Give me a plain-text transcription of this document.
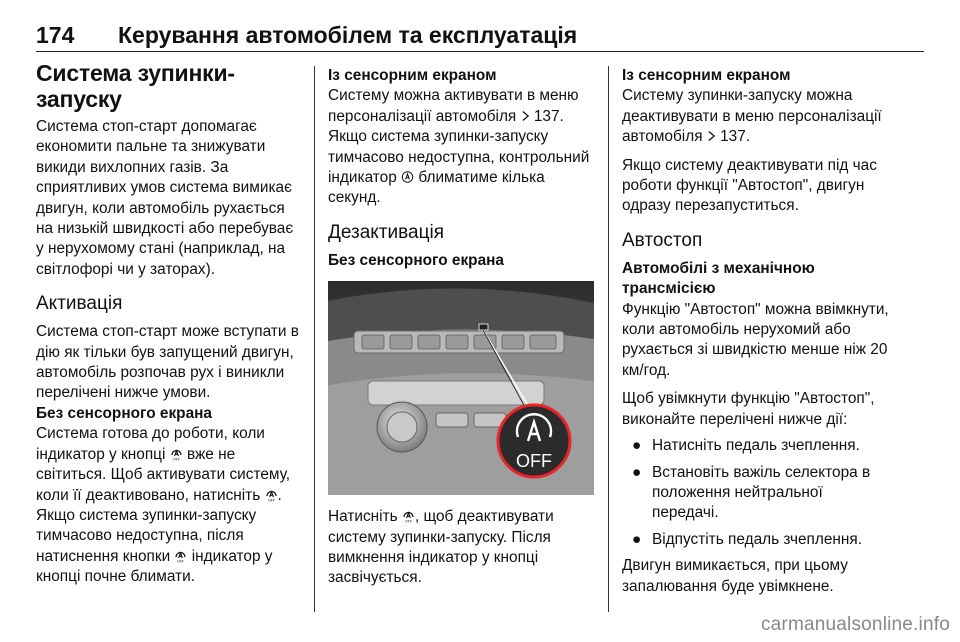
174 Керування автомобілем та експлуатація
Система зупинки-запуску

Система стоп-старт допомагає економити пальне та знижувати викиди вихлопних газів. За сприятливих умов система вимикає двигун, коли автомобіль рухається на низькій швидкості або перебуває у нерухомому стані (наприклад, на світлофорі чи у заторах).

Активація

Система стоп-старт може вступати в дію як тільки був запущений двигун, автомобіль розпочав рух і виникли перелічені нижче умови.

Без сенсорного екрана

Система готова до роботи, коли індикатор у кнопці вже не світиться. Щоб активувати систему, коли її деактивовано, натисніть . Якщо система зупинки-запуску тимчасово недоступна, після натиснення кнопки індикатор у кнопці почне блимати.

Із сенсорним екраном

Систему можна активувати в меню персоналізації автомобіля 137. Якщо система зупинки-запуску тимчасово недоступна, контрольний індикатор блиматиме кілька секунд.

Дезактивація
Без сенсорного екрана
OFF

Натисніть , щоб деактивувати систему зупинки-запуску. Після вимкнення індикатор у кнопці засвічується.

Із сенсорним екраном

Систему зупинки-запуску можна деактивувати в меню персоналізації автомобіля 137.

Якщо систему деактивувати під час роботи функції "Автостоп", двигун одразу перезапуститься.

Автостоп
Автомобілі з механічною трансмісією

Функцію "Автостоп" можна ввімкнути, коли автомобіль нерухомий або рухається зі швидкістю менше ніж 20 км/год.

Щоб увімкнути функцію "Автостоп", виконайте перелічені нижче дії:

● Натисніть педаль зчеплення.
● Встановіть важіль селектора в положення нейтральної передачі.
● Відпустіть педаль зчеплення.

Двигун вимикається, при цьому запалювання буде увімкнене.

carmanualsonline.info
